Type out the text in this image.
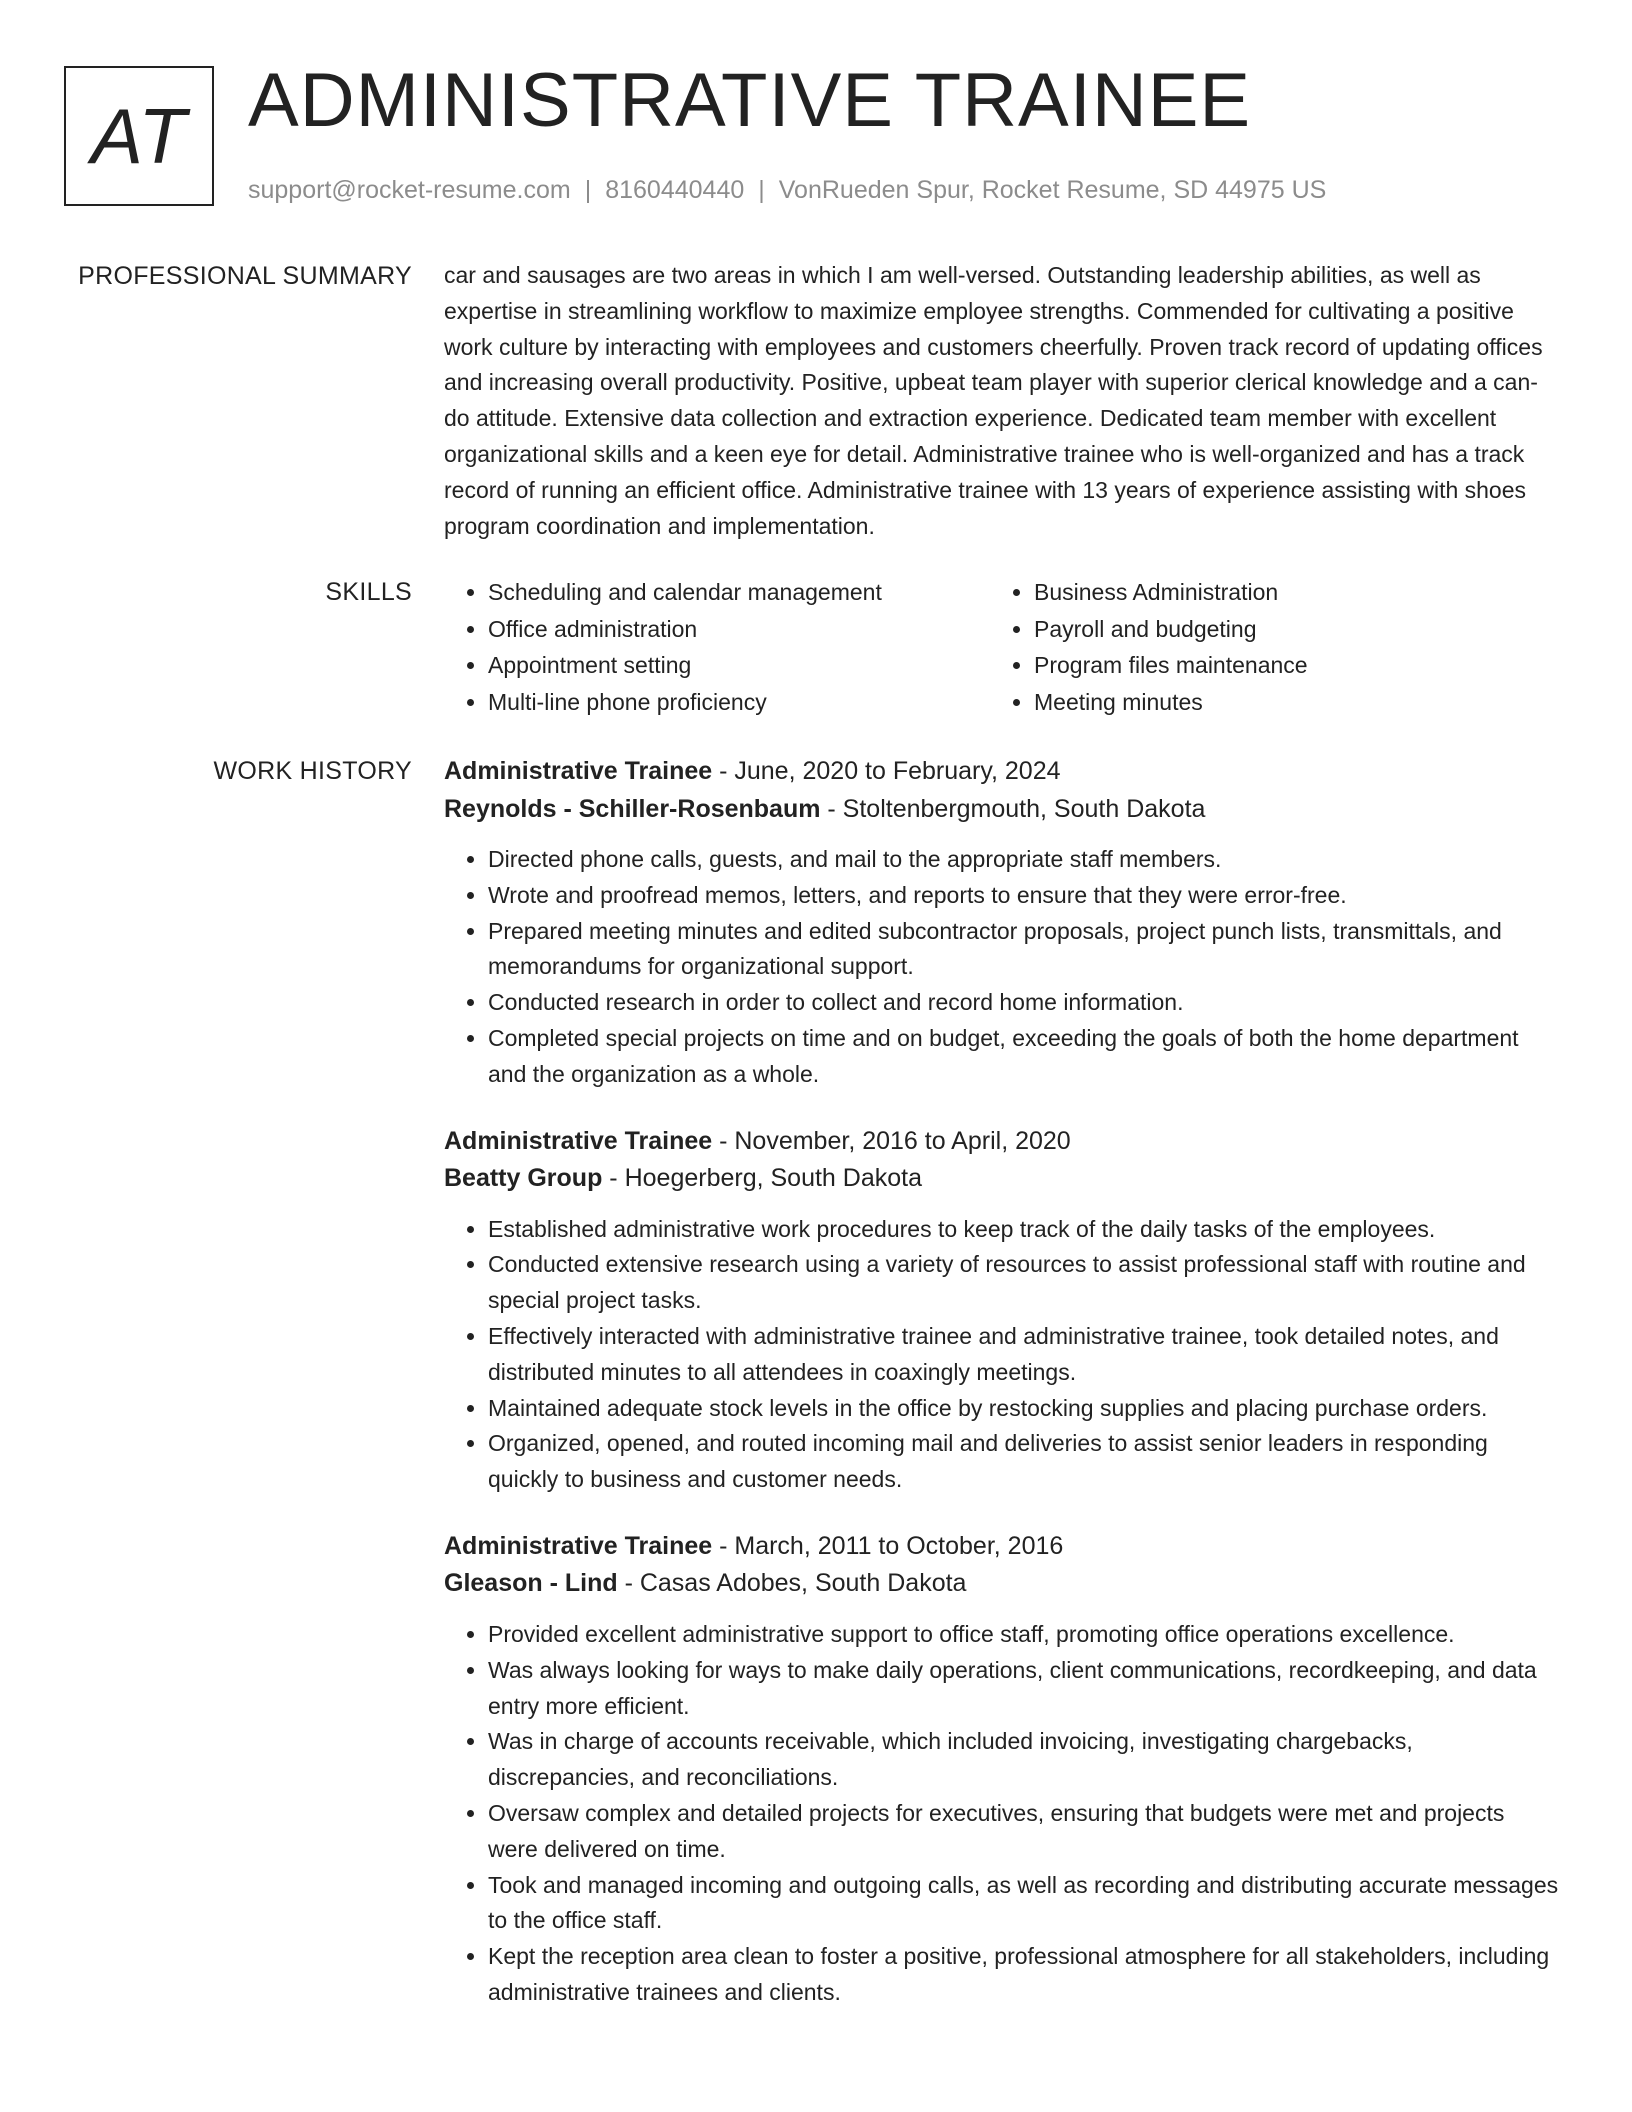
AT ADMINISTRATIVE TRAINEE
support@rocket-resume.com | 8160440440 | VonRueden Spur, Rocket Resume, SD 44975 US
PROFESSIONAL SUMMARY car and sausages are two areas in which I am well-versed. Outstanding leadership abilities, as well as expertise in streamlining workflow to maximize employee strengths. Commended for cultivating a positive work culture by interacting with employees and customers cheerfully. Proven track record of updating offices and increasing overall productivity. Positive, upbeat team player with superior clerical knowledge and a can-do attitude. Extensive data collection and extraction experience. Dedicated team member with excellent organizational skills and a keen eye for detail. Administrative trainee who is well-organized and has a track record of running an efficient office. Administrative trainee with 13 years of experience assisting with shoes program coordination and implementation.

SKILLS
•	Scheduling and calendar management
• Office administration
• Appointment setting
• Multi-line phone proficiency
• Business Administration
• Payroll and budgeting
• Program files maintenance
• Meeting minutes
WORK HISTORY Administrative Trainee - June, 2020 to February, 2024
Reynolds - Schiller-Rosenbaum - Stoltenbergmouth, South Dakota
• Directed phone calls, guests, and mail to the appropriate staff members.
• Wrote and proofread memos, letters, and reports to ensure that they were error-free.
• Prepared meeting minutes and edited subcontractor proposals, project punch lists, transmittals, and memorandums for organizational support.
• Conducted research in order to collect and record home information.
• Completed special projects on time and on budget, exceeding the goals of both the home department and the organization as a whole.
Administrative Trainee - November, 2016 to April, 2020
Beatty Group - Hoegerberg, South Dakota
• Established administrative work procedures to keep track of the daily tasks of the employees.
• Conducted extensive research using a variety of resources to assist professional staff with routine and special project tasks.
• Effectively interacted with administrative trainee and administrative trainee, took detailed notes, and distributed minutes to all attendees in coaxingly meetings.
• Maintained adequate stock levels in the office by restocking supplies and placing purchase orders.
• Organized, opened, and routed incoming mail and deliveries to assist senior leaders in responding quickly to business and customer needs.
Administrative Trainee - March, 2011 to October, 2016
Gleason - Lind - Casas Adobes, South Dakota
• Provided excellent administrative support to office staff, promoting office operations excellence.
• Was always looking for ways to make daily operations, client communications, recordkeeping, and data entry more efficient.
• Was in charge of accounts receivable, which included invoicing, investigating chargebacks, discrepancies, and reconciliations.
• Oversaw complex and detailed projects for executives, ensuring that budgets were met and projects were delivered on time.
• Took and managed incoming and outgoing calls, as well as recording and distributing accurate messages to the office staff.
• Kept the reception area clean to foster a positive, professional atmosphere for all stakeholders, including administrative trainees and clients.
